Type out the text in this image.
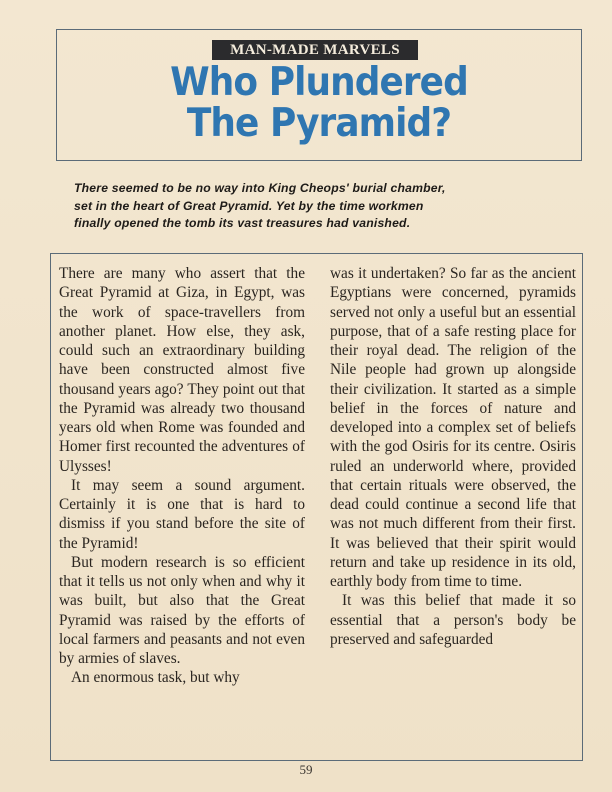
MAN-MADE MARVELS
Who Plundered
The Pyramid?

There seemed to be no way into King Cheops' burial chamber,

set in the heart of Great Pyramid. Yet by the time workmen

finally opened the tomb its vast treasures had vanished.

There are many who assert that the Great Pyramid at Giza, in Egypt, was the work of space-travellers from another planet. How else, they ask, could such an extraordinary building have been constructed almost five thousand years ago? They point out that the Pyramid was already two thousand years old when Rome was founded and Homer first recounted the adventures of Ulysses!

It may seem a sound argument. Certainly it is one that is hard to dismiss if you stand before the site of the Pyramid!

But modern research is so efficient that it tells us not only when and why it was built, but also that the Great Pyramid was raised by the efforts of local farmers and peasants and not even by armies of slaves.

An enormous task, but why

was it undertaken? So far as the ancient Egyptians were concerned, pyramids served not only a useful but an essential purpose, that of a safe resting place for their royal dead. The religion of the Nile people had grown up alongside their civilization. It started as a simple belief in the forces of nature and developed into a complex set of beliefs with the god Osiris for its centre. Osiris ruled an underworld where, provided that certain rituals were observed, the dead could continue a second life that was not much different from their first. It was believed that their spirit would return and take up residence in its old, earthly body from time to time.

It was this belief that made it so essential that a person's body be preserved and safeguarded

59
